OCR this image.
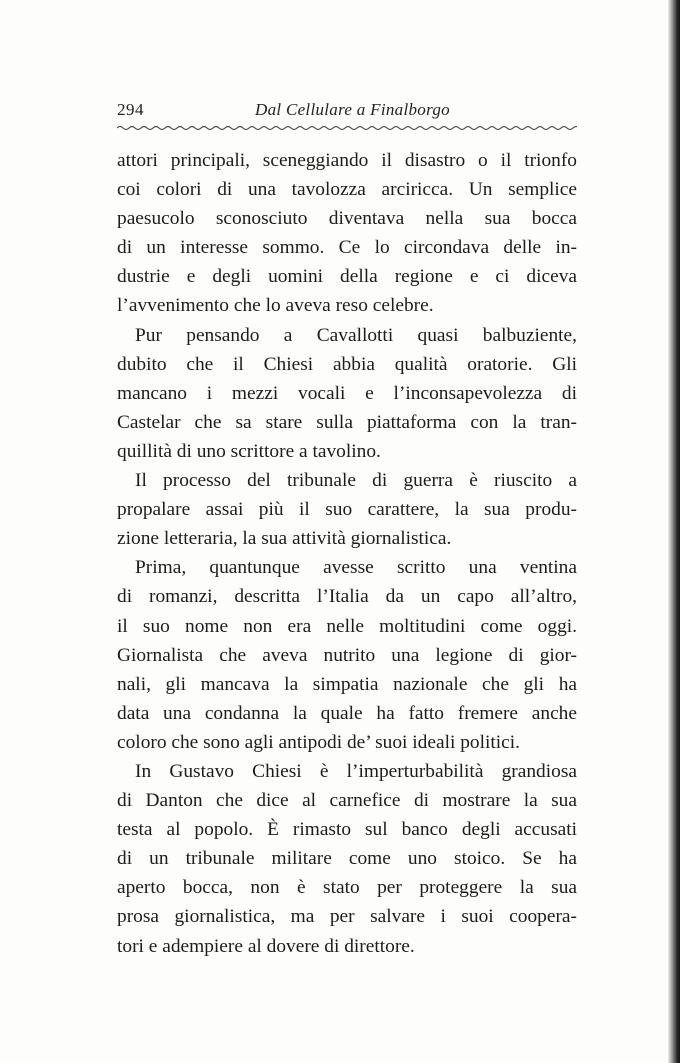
294	Dal Cellulare a Finalborgo

attori principali, sceneggiando il disastro o il trionfo
coi colori di una tavolozza arciricca. Un semplice
paesucolo sconosciuto diventava nella sua bocca
di un interesse sommo. Ce lo circondava delle in-
dustrie e degli uomini della regione e ci diceva
l’avvenimento che lo aveva reso celebre.

Pur pensando a Cavallotti quasi balbuziente,
dubito che il Chiesi abbia qualità oratorie. Gli
mancano i mezzi vocali e l’inconsapevolezza di
Castelar che sa stare sulla piattaforma con la tran-
quillità di uno scrittore a tavolino.

Il processo del tribunale di guerra è riuscito a
propalare assai più il suo carattere, la sua produ-
zione letteraria, la sua attività giornalistica.

Prima, quantunque avesse scritto una ventina
di romanzi, descritta l’Italia da un capo all’altro,
il suo nome non era nelle moltitudini come oggi.
Giornalista che aveva nutrito una legione di gior-
nali, gli mancava la simpatia nazionale che gli ha
data una condanna la quale ha fatto fremere anche
coloro che sono agli antipodi de’ suoi ideali politici.

In Gustavo Chiesi è l’imperturbabilità grandiosa
di Danton che dice al carnefice di mostrare la sua
testa al popolo. È rimasto sul banco degli accusati
di un tribunale militare come uno stoico. Se ha
aperto bocca, non è stato per proteggere la sua
prosa giornalistica, ma per salvare i suoi coopera-
tori e adempiere al dovere di direttore.
